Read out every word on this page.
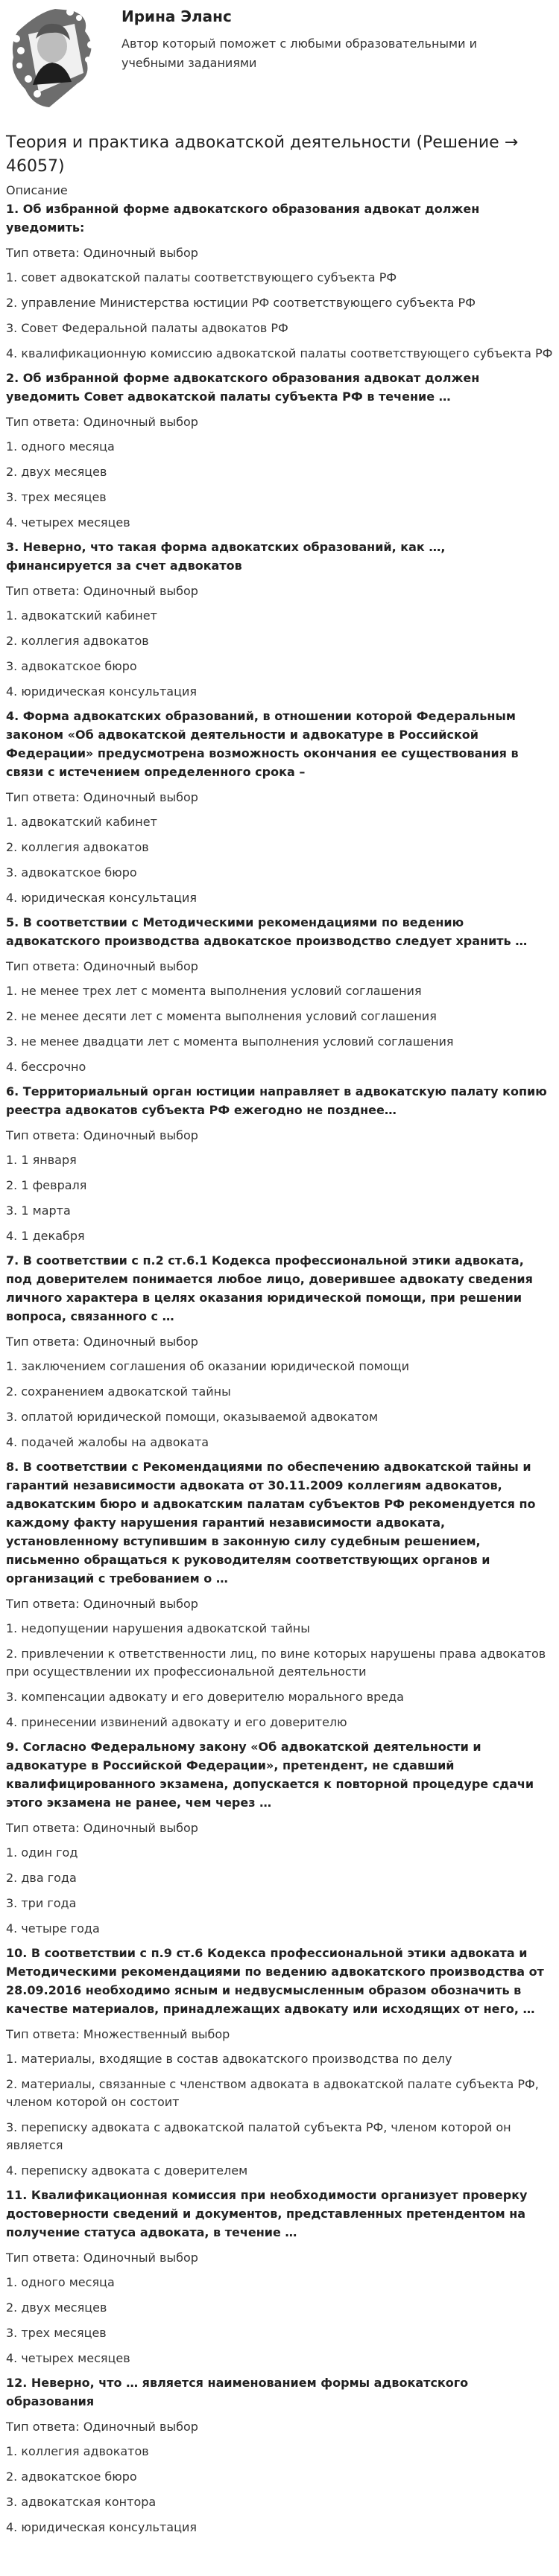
Ирина Эланс
Автор который поможет с любыми образовательными и учебными заданиями
Теория и практика адвокатской деятельности (Решение → 46057)
Описание
1. Об избранной форме адвокатского образования адвокат должен уведомить:
Тип ответа: Одиночный выбор
1. совет адвокатской палаты соответствующего субъекта РФ
2. управление Министерства юстиции РФ соответствующего субъекта РФ
3. Совет Федеральной палаты адвокатов РФ
4. квалификационную комиссию адвокатской палаты соответствующего субъекта РФ
2. Об избранной форме адвокатского образования адвокат должен уведомить Совет адвокатской палаты субъекта РФ в течение …
Тип ответа: Одиночный выбор
1. одного месяца
2. двух месяцев
3. трех месяцев
4. четырех месяцев
3. Неверно, что такая форма адвокатских образований, как …, финансируется за счет адвокатов
Тип ответа: Одиночный выбор
1. адвокатский кабинет
2. коллегия адвокатов
3. адвокатское бюро
4. юридическая консультация
4. Форма адвокатских образований, в отношении которой Федеральным законом «Об адвокатской деятельности и адвокатуре в Российской Федерации» предусмотрена возможность окончания ее существования в связи с истечением определенного срока –
Тип ответа: Одиночный выбор
1. адвокатский кабинет
2. коллегия адвокатов
3. адвокатское бюро
4. юридическая консультация
5. В соответствии с Методическими рекомендациями по ведению адвокатского производства адвокатское производство следует хранить …
Тип ответа: Одиночный выбор
1. не менее трех лет с момента выполнения условий соглашения
2. не менее десяти лет с момента выполнения условий соглашения
3. не менее двадцати лет с момента выполнения условий соглашения
4. бессрочно
6. Территориальный орган юстиции направляет в адвокатскую палату копию реестра адвокатов субъекта РФ ежегодно не позднее…
Тип ответа: Одиночный выбор
1. 1 января
2. 1 февраля
3. 1 марта
4. 1 декабря
7. В соответствии с п.2 ст.6.1 Кодекса профессиональной этики адвоката, под доверителем понимается любое лицо, доверившее адвокату сведения личного характера в целях оказания юридической помощи, при решении вопроса, связанного с …
Тип ответа: Одиночный выбор
1. заключением соглашения об оказании юридической помощи
2. сохранением адвокатской тайны
3. оплатой юридической помощи, оказываемой адвокатом
4. подачей жалобы на адвоката
8. В соответствии с Рекомендациями по обеспечению адвокатской тайны и гарантий независимости адвоката от 30.11.2009 коллегиям адвокатов, адвокатским бюро и адвокатским палатам субъектов РФ рекомендуется по каждому факту нарушения гарантий независимости адвоката, установленному вступившим в законную силу судебным решением, письменно обращаться к руководителям соответствующих органов и организаций с требованием о …
Тип ответа: Одиночный выбор
1. недопущении нарушения адвокатской тайны
2. привлечении к ответственности лиц, по вине которых нарушены права адвокатов при осуществлении их профессиональной деятельности
3. компенсации адвокату и его доверителю морального вреда
4. принесении извинений адвокату и его доверителю
9. Согласно Федеральному закону «Об адвокатской деятельности и адвокатуре в Российской Федерации», претендент, не сдавший квалифицированного экзамена, допускается к повторной процедуре сдачи этого экзамена не ранее, чем через …
Тип ответа: Одиночный выбор
1. один год
2. два года
3. три года
4. четыре года
10. В соответствии с п.9 ст.6 Кодекса профессиональной этики адвоката и Методическими рекомендациями по ведению адвокатского производства от 28.09.2016 необходимо ясным и недвусмысленным образом обозначить в качестве материалов, принадлежащих адвокату или исходящих от него, …
Тип ответа: Множественный выбор
1. материалы, входящие в состав адвокатского производства по делу
2. материалы, связанные с членством адвоката в адвокатской палате субъекта РФ, членом которой он состоит
3. переписку адвоката с адвокатской палатой субъекта РФ, членом которой он является
4. переписку адвоката с доверителем
11. Квалификационная комиссия при необходимости организует проверку достоверности сведений и документов, представленных претендентом на получение статуса адвоката, в течение …
Тип ответа: Одиночный выбор
1. одного месяца
2. двух месяцев
3. трех месяцев
4. четырех месяцев
12. Неверно, что … является наименованием формы адвокатского образования
Тип ответа: Одиночный выбор
1. коллегия адвокатов
2. адвокатское бюро
3. адвокатская контора
4. юридическая консультация
